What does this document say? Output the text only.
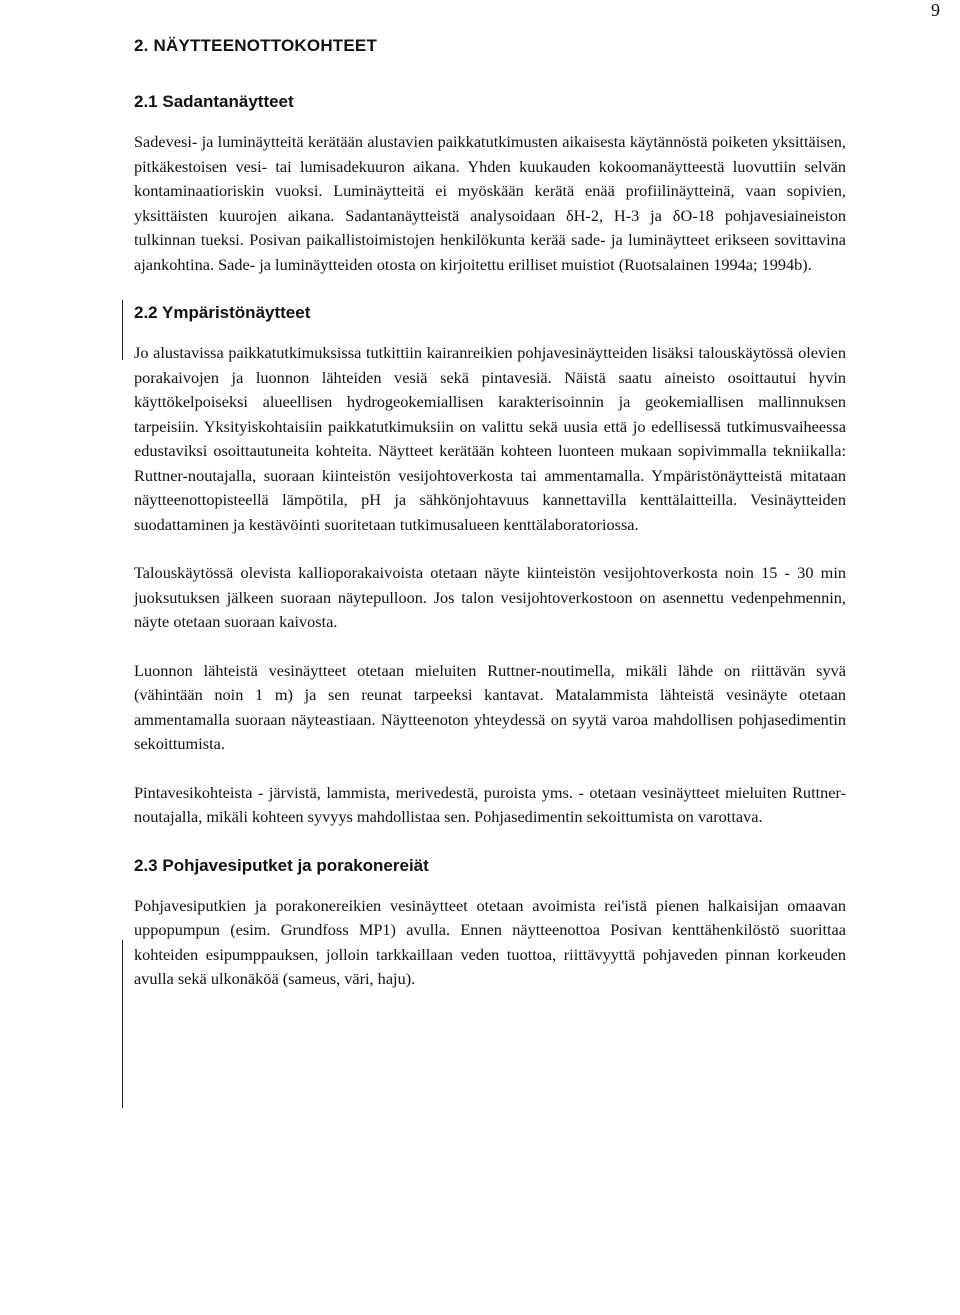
9
2. NÄYTTEENOTTOKOHTEET
2.1 Sadantanäytteet

Sadevesi- ja luminäytteitä kerätään alustavien paikkatutkimusten aikaisesta käytännöstä poiketen yksittäisen, pitkäkestoisen vesi- tai lumisadekuuron aikana. Yhden kuukauden kokoomanäytteestä luovuttiin selvän kontaminaatioriskin vuoksi. Luminäytteitä ei myöskään kerätä enää profiilinäytteinä, vaan sopivien, yksittäisten kuurojen aikana. Sadantanäytteistä analysoidaan δH-2, H-3 ja δO-18 pohjavesiaineiston tulkinnan tueksi. Posivan paikallistoimistojen henkilökunta kerää sade- ja luminäytteet erikseen sovittavina ajankohtina. Sade- ja luminäytteiden otosta on kirjoitettu erilliset muistiot (Ruotsalainen 1994a; 1994b).

2.2 Ympäristönäytteet

Jo alustavissa paikkatutkimuksissa tutkittiin kairanreikien pohjavesinäytteiden lisäksi talouskäytössä olevien porakaivojen ja luonnon lähteiden vesiä sekä pintavesiä. Näistä saatu aineisto osoittautui hyvin käyttökelpoiseksi alueellisen hydrogeokemiallisen karakterisoinnin ja geokemiallisen mallinnuksen tarpeisiin. Yksityiskohtaisiin paikkatutkimuksiin on valittu sekä uusia että jo edellisessä tutkimusvaiheessa edustaviksi osoittautuneita kohteita. Näytteet kerätään kohteen luonteen mukaan sopivimmalla tekniikalla: Ruttner-noutajalla, suoraan kiinteistön vesijohtoverkosta tai ammentamalla. Ympäristönäytteistä mitataan näytteenottopisteellä lämpötila, pH ja sähkönjohtavuus kannettavilla kenttälaitteilla. Vesinäytteiden suodattaminen ja kestävöinti suoritetaan tutkimusalueen kenttälaboratoriossa.

Talouskäytössä olevista kallioporakaivoista otetaan näyte kiinteistön vesijohtoverkosta noin 15 - 30 min juoksutuksen jälkeen suoraan näytepulloon. Jos talon vesijohtoverkostoon on asennettu vedenpehmennin, näyte otetaan suoraan kaivosta.

Luonnon lähteistä vesinäytteet otetaan mieluiten Ruttner-noutimella, mikäli lähde on riittävän syvä (vähintään noin 1 m) ja sen reunat tarpeeksi kantavat. Matalammista lähteistä vesinäyte otetaan ammentamalla suoraan näyteastiaan. Näytteenoton yhteydessä on syytä varoa mahdollisen pohjasedimentin sekoittumista.

Pintavesikohteista - järvistä, lammista, merivedestä, puroista yms. - otetaan vesinäytteet mieluiten Ruttner-noutajalla, mikäli kohteen syvyys mahdollistaa sen. Pohjasedimentin sekoittumista on varottava.

2.3 Pohjavesiputket ja porakonereiät

Pohjavesiputkien ja porakonereikien vesinäytteet otetaan avoimista rei'istä pienen halkaisijan omaavan uppopumpun (esim. Grundfoss MP1) avulla. Ennen näytteenottoa Posivan kenttähenkilöstö suorittaa kohteiden esipumppauksen, jolloin tarkkaillaan veden tuottoa, riittävyyttä pohjaveden pinnan korkeuden avulla sekä ulkonäköä (sameus, väri, haju).
